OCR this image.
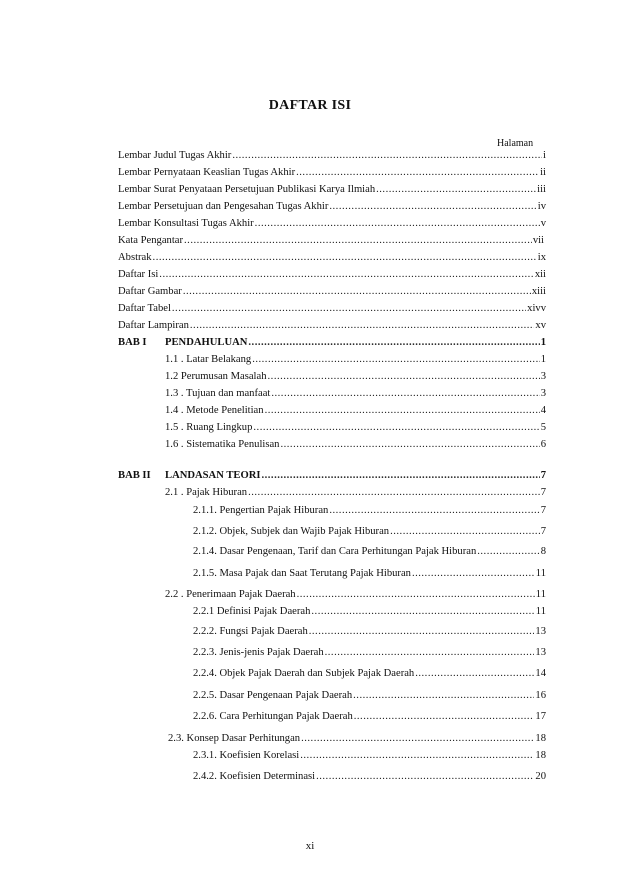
DAFTAR ISI
Halaman
Lembar Judul Tugas Akhir .....	i
Lembar Pernyataan Keaslian Tugas Akhir .....	ii
Lembar Surat Penyataan Persetujuan Publikasi Karya Ilmiah .....	iii
Lembar Persetujuan dan Pengesahan Tugas Akhir .....	iv
Lembar Konsultasi Tugas Akhir .....	v
Kata Pengantar .....	vii
Abstrak .....	ix
Daftar Isi .....	xii
Daftar Gambar .....	xiii
Daftar Tabel .....	xivv
Daftar Lampiran .....	xv
BAB I PENDAHULUAN .....	1
1.1 . Latar Belakang .....	1
1.2 Perumusan Masalah .....	3
1.3 . Tujuan dan manfaat .....	3
1.4 . Metode Penelitian .....	4
1.5 . Ruang Lingkup .....	5
1.6 . Sistematika Penulisan .....	6
BAB II LANDASAN TEORI .....	7
2.1 . Pajak Hiburan .....	7
2.1.1. Pengertian Pajak Hiburan .....	7
2.1.2. Objek, Subjek dan Wajib Pajak Hiburan .....	7
2.1.4. Dasar Pengenaan, Tarif dan Cara Perhitungan Pajak Hiburan .....	8
2.1.5. Masa Pajak dan Saat Terutang Pajak Hiburan .....	11
2.2 . Penerimaan Pajak Daerah .....	11
2.2.1 Definisi Pajak Daerah .....	11
2.2.2. Fungsi Pajak Daerah .....	13
2.2.3. Jenis-jenis Pajak Daerah .....	13
2.2.4. Objek Pajak Daerah dan Subjek Pajak Daerah .....	14
2.2.5. Dasar Pengenaan Pajak Daerah .....	16
2.2.6. Cara Perhitungan Pajak Daerah .....	17
2.3. Konsep Dasar Perhitungan .....	18
2.3.1. Koefisien Korelasi .....	18
2.4.2. Koefisien Determinasi .....	20
xi
